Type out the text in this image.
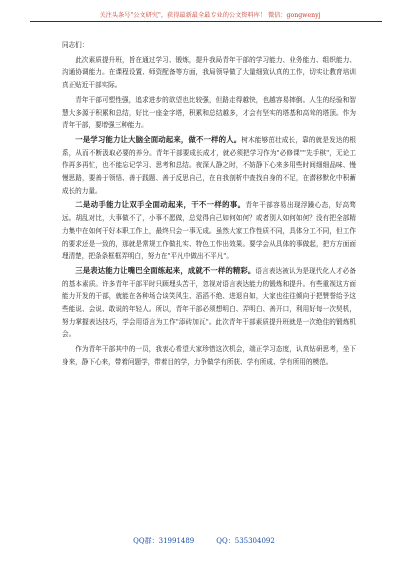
关注头条号"公文研究"，获得最新最全最专业的公文资料库！ 微信：gongwenyj

同志们：

此次素质提升班，旨在通过学习、锻炼，提升我局青年干部的学习能力、业务能力、组织能力、沟通协调能力。在课程设置、师资配备等方面，我局领导做了大量细致认真的工作，切实让教育培训真正贴近干部实际。

青年干部可塑性强，追求进步的欲望也比较强，但路走得越快，也越容易摔倒。人生的经验和智慧大多源于积累和总结，好比一座金字塔，积累和总结越多，才会有坚实的塔基和高耸的塔顶。作为青年干部，要增强三种能力。

一是学习能力让大脑全面动起来，做不一样的人。树木能够茁壮成长，靠的就是发达的根系，从而不断汲取必要的养分。青年干部要成长成才，就必须把学习作为"必修课""先手棋"，无论工作再多再忙，也不能忘记学习、思考和总结。夜深人静之时，不妨静下心来多用些时间细细品味、慢慢思路，要善于领悟、善于践题、善于反思自己，在自我剖析中查找自身的不足，在潜移默化中积蓄成长的力量。

二是动手能力让双手全面动起来，干不一样的事。青年干部容易出现浮躁心态，好高骛远。胡乱对比，大事做不了，小事不愿做，总觉得自己如何如何？或者别人如何如何？没有把全部精力集中在如何干好本职工作上，最终只会一事无成。虽然大家工作性质不同，具体分工不同，但工作的要求还是一致的，那就是常规工作做扎实、特色工作出效果。要学会从具体的事做起，把方方面面理清楚，把条条框框弄明白，努力在"平凡中做出不平凡"。

三是表达能力让嘴巴全面练起来，成就不一样的精彩。语言表达被认为是现代化人才必备的基本素质。许多青年干部平时只顾埋头苦干，忽视对语言表达能力的锻炼和提升。有些重视这方面能力开发的干部，就能在各种场合谈笑风生、滔滔不绝、进退自如，大家也往往倾向于把赞誉给予这些能说、会说、敢说的年轻人。所以，青年干部必须想明白、弄明白、善开口，利用好每一次契机，努力掌握表达技巧，学会用语言为工作"添砖加瓦"。此次青年干部素质提升班就是一次绝佳的锻炼机会。

作为青年干部其中的一员，我衷心希望大家珍惜这次机会，端正学习态度，认真钻研思考，坐下身来，静下心来，带着问题学，带着目的学，力争做学有所获、学有所成、学有所用的模范。

QQ群：31991489	QQ：535304092
